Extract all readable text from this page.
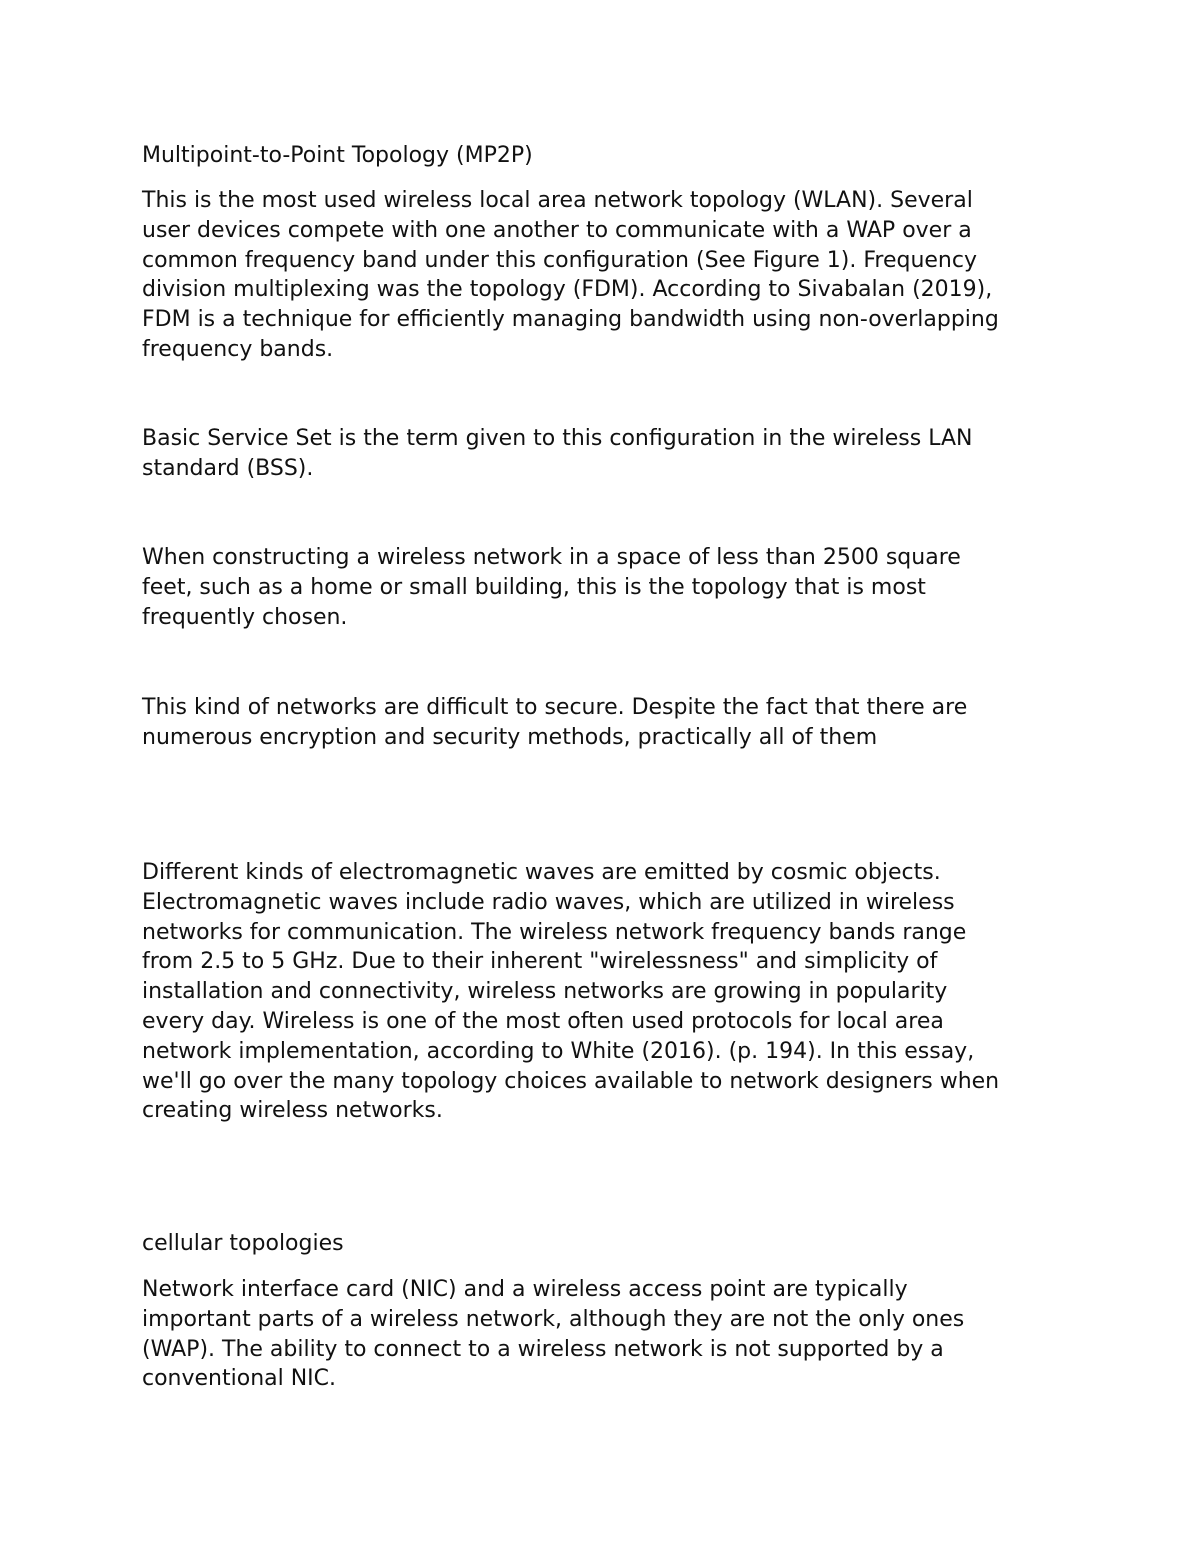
Multipoint-to-Point Topology (MP2P)

This is the most used wireless local area network topology (WLAN). Several
user devices compete with one another to communicate with a WAP over a
common frequency band under this configuration (See Figure 1). Frequency
division multiplexing was the topology (FDM). According to Sivabalan (2019),
FDM is a technique for efficiently managing bandwidth using non-overlapping
frequency bands.

Basic Service Set is the term given to this configuration in the wireless LAN
standard (BSS).

When constructing a wireless network in a space of less than 2500 square
feet, such as a home or small building, this is the topology that is most
frequently chosen.

This kind of networks are difficult to secure. Despite the fact that there are
numerous encryption and security methods, practically all of them

Different kinds of electromagnetic waves are emitted by cosmic objects.
Electromagnetic waves include radio waves, which are utilized in wireless
networks for communication. The wireless network frequency bands range
from 2.5 to 5 GHz. Due to their inherent "wirelessness" and simplicity of
installation and connectivity, wireless networks are growing in popularity
every day. Wireless is one of the most often used protocols for local area
network implementation, according to White (2016). (p. 194). In this essay,
we'll go over the many topology choices available to network designers when
creating wireless networks.

cellular topologies

Network interface card (NIC) and a wireless access point are typically
important parts of a wireless network, although they are not the only ones
(WAP). The ability to connect to a wireless network is not supported by a
conventional NIC.
